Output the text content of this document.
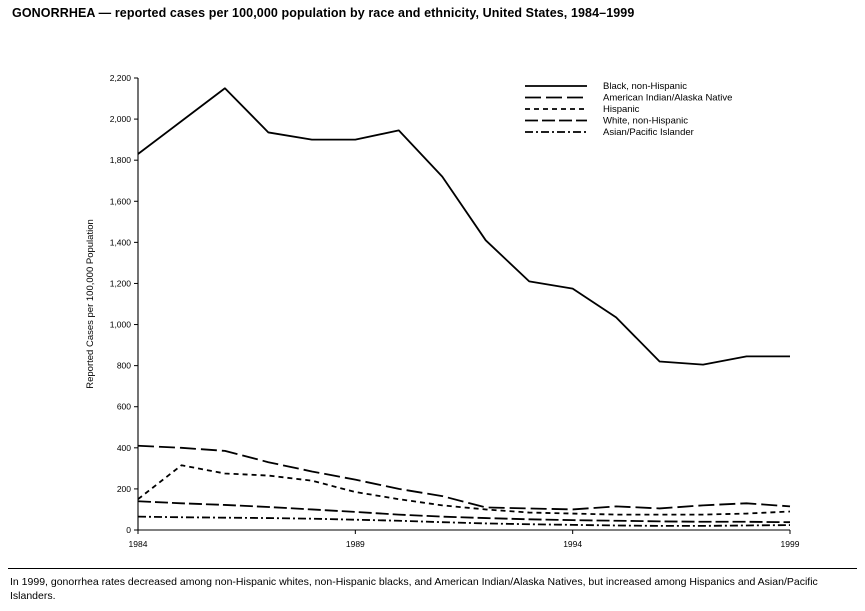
GONORRHEA — reported cases per 100,000 population by race and ethnicity, United States, 1984–1999
0
200
400
600
800
1,000
1,200
1,400
1,600
1,800
2,000
2,200
1984	1989	1994	1999
Reported Cases per 100,000 Population
Black, non-Hispanic
American Indian/Alaska Native
Hispanic
White, non-Hispanic
Asian/Pacific Islander
In 1999, gonorrhea rates decreased among non-Hispanic whites, non-Hispanic blacks, and American Indian/Alaska Natives, but increased among Hispanics and Asian/Pacific Islanders.
